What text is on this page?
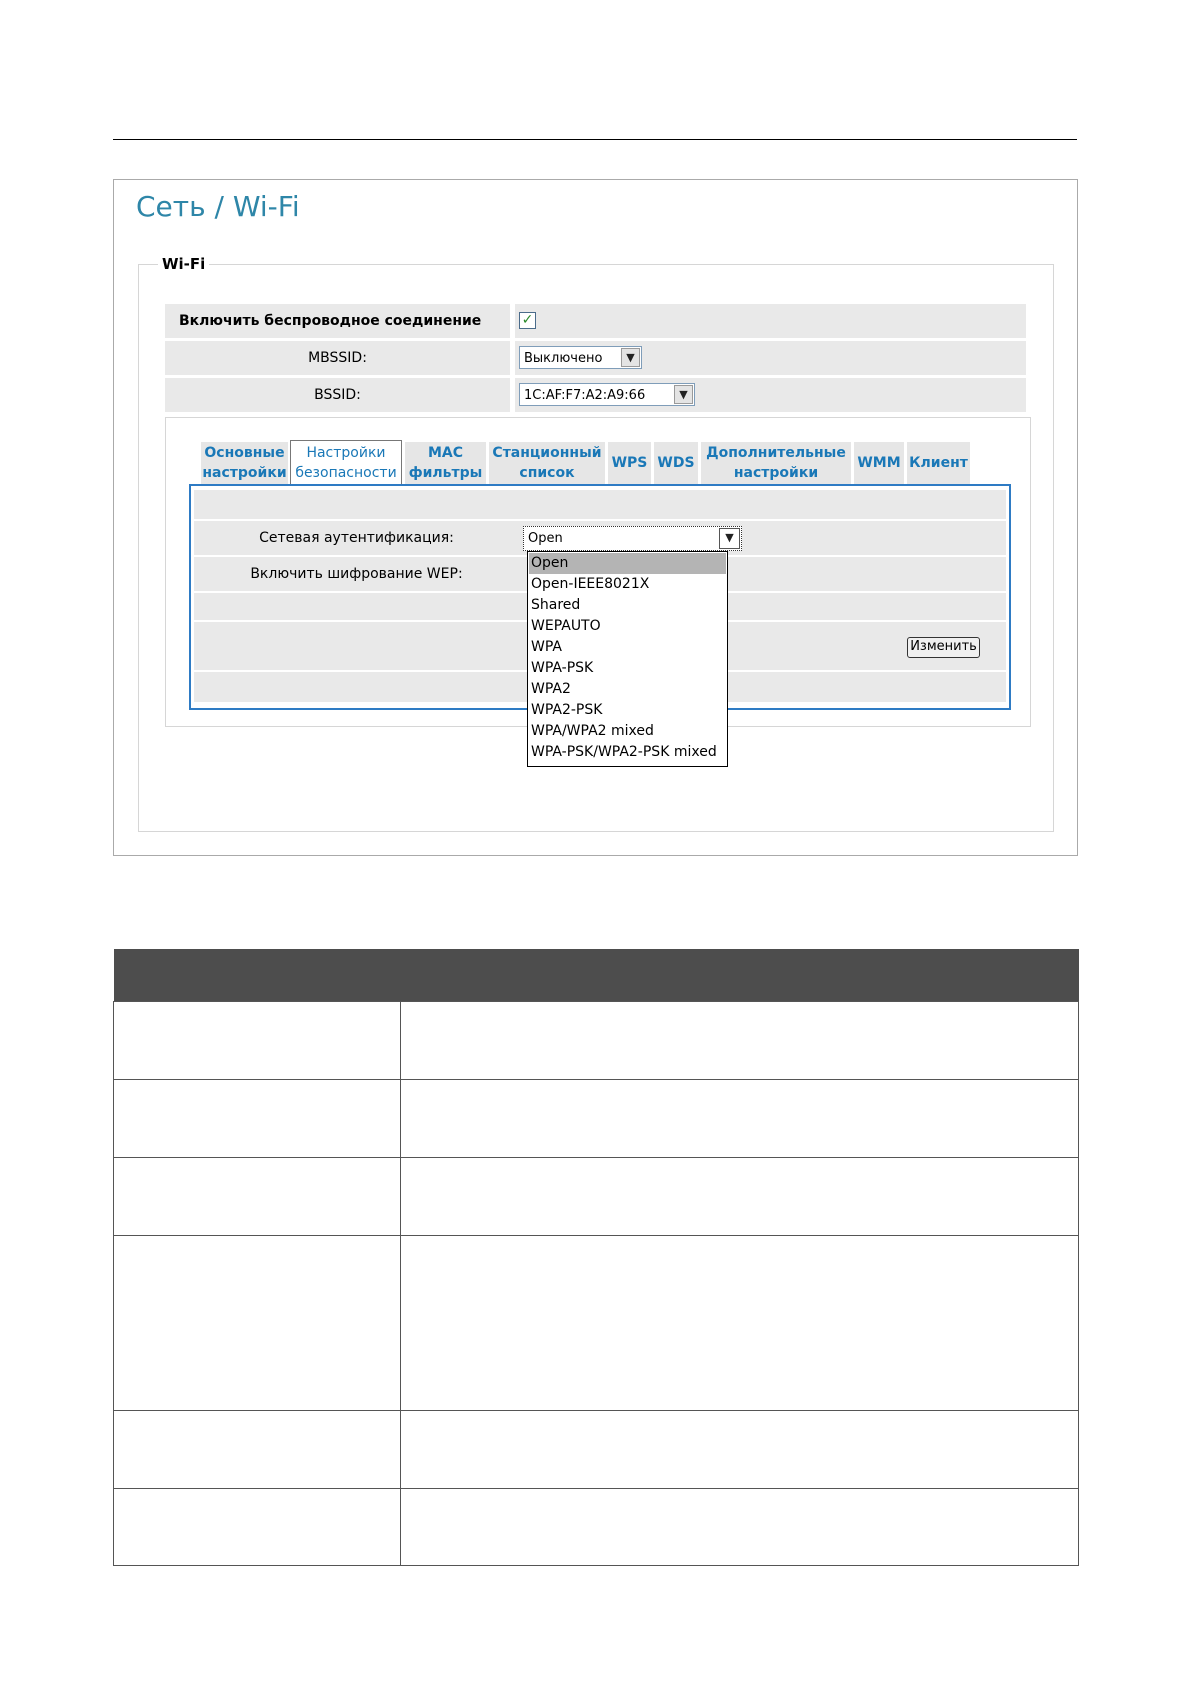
Сеть / Wi-Fi
Wi-Fi
Включить беспроводное соединение	✓
MBSSID:	Выключено	▼
BSSID:	1C:AF:F7:A2:A9:66	▼
Основные
настройки
Настройки
безопасности
MAC
фильтры
Станционный
список
WPS WDS
Дополнительные
настройки
WMM Клиент
Сетевая аутентификация:	Open	▼
Включить шифрование WEP:
Изменить
Open
Open-IEEE8021X
Shared
WEPAUTO
WPA
WPA-PSK
WPA2
WPA2-PSK
WPA/WPA2 mixed
WPA-PSK/WPA2-PSK mixed
